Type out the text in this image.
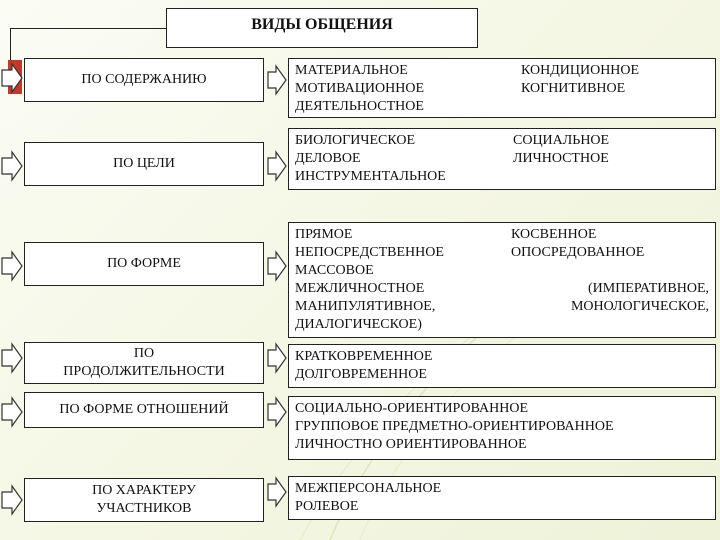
ВИДЫ ОБЩЕНИЯ
ПО СОДЕРЖАНИЮ
МАТЕРИАЛЬНОЕ
МОТИВАЦИОННОЕ
ДЕЯТЕЛЬНОСТНОЕ
КОНДИЦИОННОЕ
КОГНИТИВНОЕ
ПО ЦЕЛИ
БИОЛОГИЧЕСКОЕ
ДЕЛОВОЕ
ИНСТРУМЕНТАЛЬНОЕ
СОЦИАЛЬНОЕ
ЛИЧНОСТНОЕ
ПО ФОРМЕ
ПРЯМОЕ
НЕПОСРЕДСТВЕННОЕ
МАССОВОЕ
МЕЖЛИЧНОСТНОЕ
МАНИПУЛЯТИВНОЕ,
ДИАЛОГИЧЕСКОЕ)
КОСВЕННОЕ
ОПОСРЕДОВАННОЕ
(ИМПЕРАТИВНОЕ,
МОНОЛОГИЧЕСКОЕ,
ПО
ПРОДОЛЖИТЕЛЬНОСТИ
КРАТКОВРЕМЕННОЕ
ДОЛГОВРЕМЕННОЕ
ПО ФОРМЕ ОТНОШЕНИЙ	СОЦИАЛЬНО-ОРИЕНТИРОВАННОЕ
ГРУППОВОЕ ПРЕДМЕТНО-ОРИЕНТИРОВАННОЕ
ЛИЧНОСТНО ОРИЕНТИРОВАННОЕ
ПО ХАРАКТЕРУ
УЧАСТНИКОВ
МЕЖПЕРСОНАЛЬНОЕ
РОЛЕВОЕ
